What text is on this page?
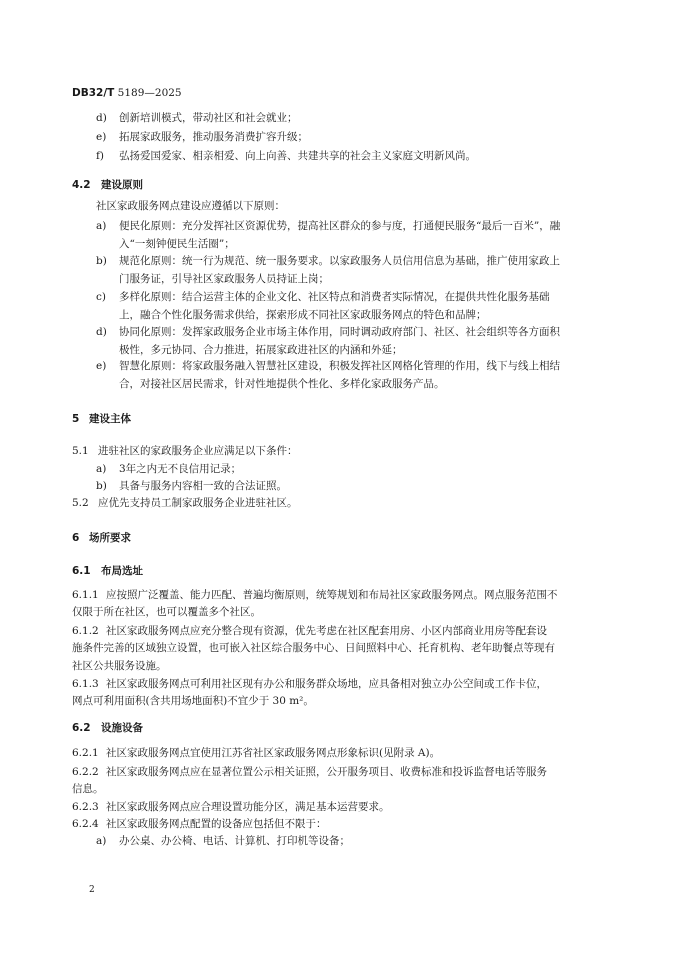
DB32/T 5189—2025
d) 创新培训模式，带动社区和社会就业；
e) 拓展家政服务，推动服务消费扩容升级；
f) 弘扬爱国爱家、相亲相爱、向上向善、共建共享的社会主义家庭文明新风尚。
4.2 建设原则
社区家政服务网点建设应遵循以下原则：
a) 便民化原则：充分发挥社区资源优势，提高社区群众的参与度，打通便民服务“最后一百米”，融
入“一刻钟便民生活圈”；
b) 规范化原则：统一行为规范、统一服务要求。以家政服务人员信用信息为基础，推广使用家政上
门服务证，引导社区家政服务人员持证上岗；
c) 多样化原则：结合运营主体的企业文化、社区特点和消费者实际情况，在提供共性化服务基础
上，融合个性化服务需求供给，探索形成不同社区家政服务网点的特色和品牌；
d) 协同化原则：发挥家政服务企业市场主体作用，同时调动政府部门、社区、社会组织等各方面积
极性，多元协同、合力推进，拓展家政进社区的内涵和外延；
e) 智慧化原则：将家政服务融入智慧社区建设，积极发挥社区网格化管理的作用，线下与线上相结
合，对接社区居民需求，针对性地提供个性化、多样化家政服务产品。
5 建设主体
5.1 进驻社区的家政服务企业应满足以下条件：
a) 3年之内无不良信用记录；
b) 具备与服务内容相一致的合法证照。
5.2 应优先支持员工制家政服务企业进驻社区。
6 场所要求
6.1 布局选址
6.1.1 应按照广泛覆盖、能力匹配、普遍均衡原则，统筹规划和布局社区家政服务网点。网点服务范围不
仅限于所在社区，也可以覆盖多个社区。
6.1.2 社区家政服务网点应充分整合现有资源，优先考虑在社区配套用房、小区内部商业用房等配套设
施条件完善的区域独立设置，也可嵌入社区综合服务中心、日间照料中心、托育机构、老年助餐点等现有
社区公共服务设施。
6.1.3 社区家政服务网点可利用社区现有办公和服务群众场地，应具备相对独立办公空间或工作卡位，
网点可利用面积(含共用场地面积)不宜少于 30 m²。
6.2 设施设备
6.2.1 社区家政服务网点宜使用江苏省社区家政服务网点形象标识(见附录 A)。
6.2.2 社区家政服务网点应在显著位置公示相关证照，公开服务项目、收费标准和投诉监督电话等服务
信息。
6.2.3 社区家政服务网点应合理设置功能分区，满足基本运营要求。
6.2.4 社区家政服务网点配置的设备应包括但不限于：
a) 办公桌、办公椅、电话、计算机、打印机等设备；
2
